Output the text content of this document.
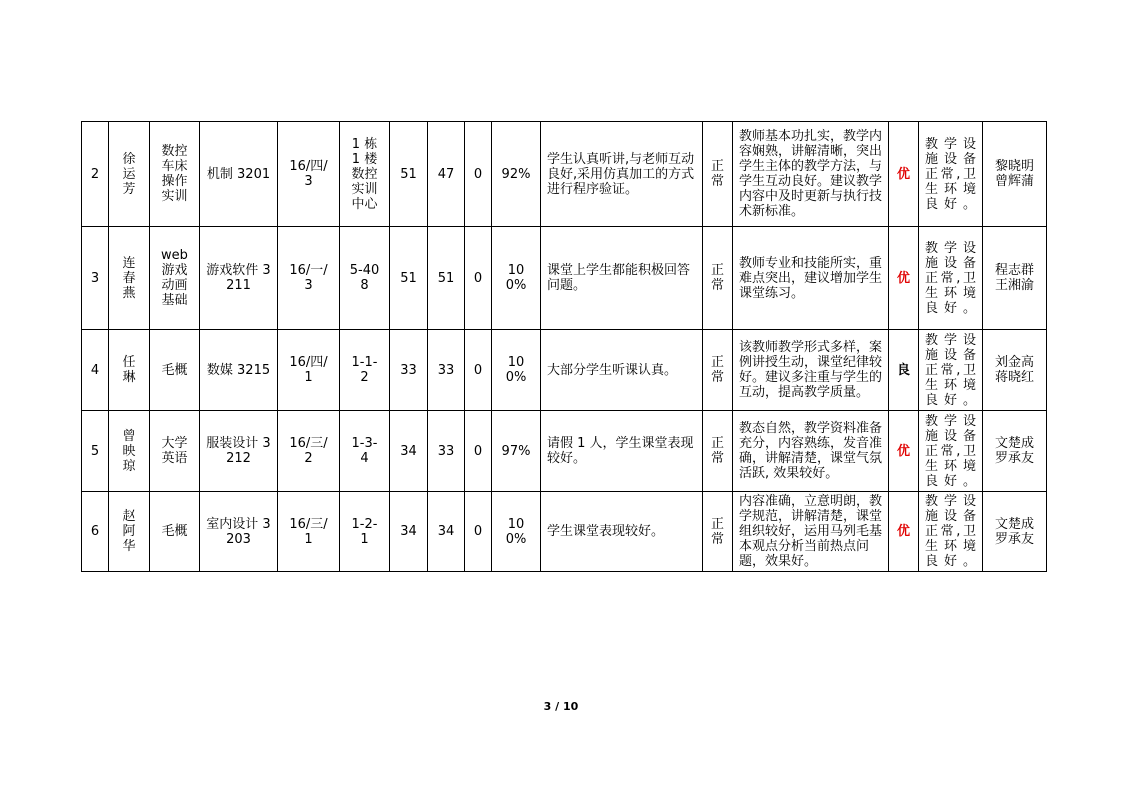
2	徐运芳	数控车床操作实训	机制 3201	16/四/3	1 栋 1 楼数控实训中心	51	47	0	92%	学生认真听讲,与老师互动良好,采用仿真加工的方式进行程序验证。	正常	教师基本功扎实，教学内容娴熟，讲解清晰，突出学生主体的教学方法，与学生互动良好。建议教学内容中及时更新与执行技术新标准。	优	教学设施设备正常,卫生环境良好。	黎晓明曾辉蒲
3	连春燕	web 游戏动画基础	游戏软件 3211	16/一/3	5-408	51	51	0	100%	课堂上学生都能积极回答问题。	正常	教师专业和技能所实，重难点突出，建议增加学生课堂练习。	优	教学设施设备正常,卫生环境良好。	程志群王湘渝
4	任琳	毛概	数媒 3215	16/四/1	1-1-2	33	33	0	100%	大部分学生听课认真。	正常	该教师教学形式多样，案例讲授生动，课堂纪律较好。建议多注重与学生的互动，提高教学质量。	良	教学设施设备正常,卫生环境良好。	刘金高蒋晓红
5	曾映琼	大学英语	服装设计 3212	16/三/2	1-3-4	34	33	0	97%	请假 1 人，学生课堂表现较好。	正常	教态自然，教学资料准备充分，内容熟练，发音准确，讲解清楚，课堂气氛活跃, 效果较好。	优	教学设施设备正常,卫生环境良好。	文楚成罗承友
6	赵阿华	毛概	室内设计 3203	16/三/1	1-2-1	34	34	0	100%	学生课堂表现较好。	正常	内容准确，立意明朗，教学规范，讲解清楚，课堂组织较好，运用马列毛基本观点分析当前热点问题，效果好。	优	教学设施设备正常,卫生环境良好。	文楚成罗承友
3 / 10
